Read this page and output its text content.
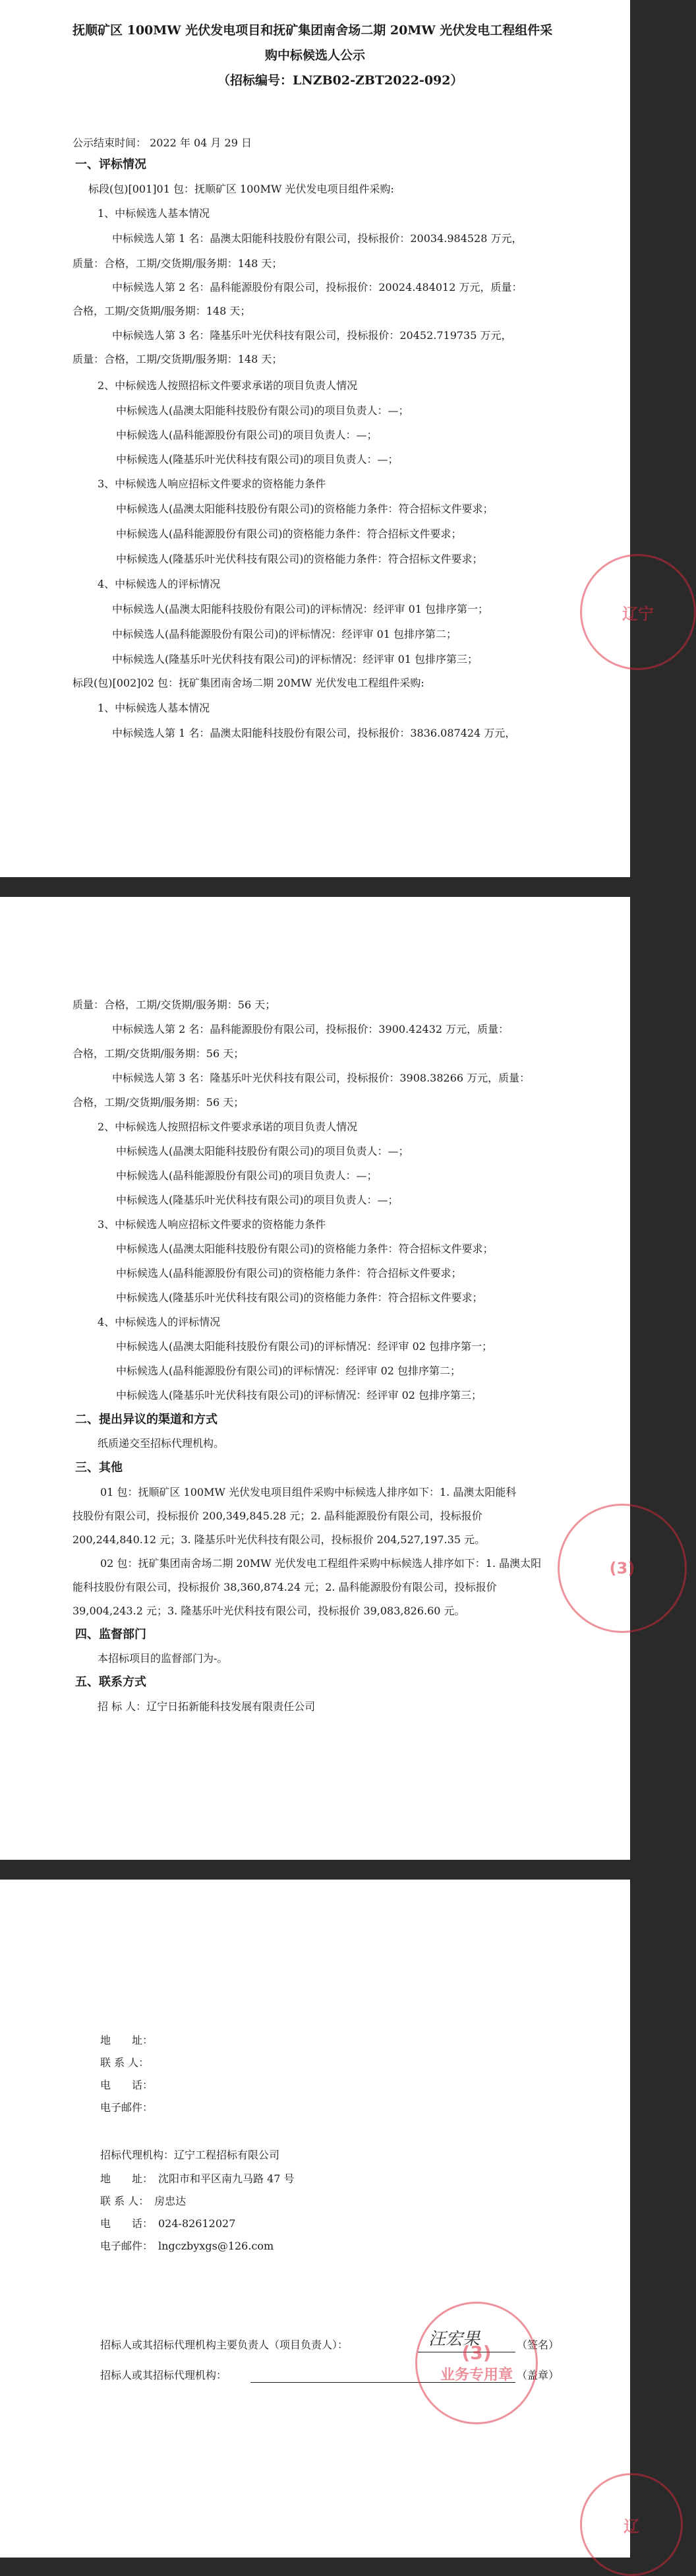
抚顺矿区 100MW 光伏发电项目和抚矿集团南舍场二期 20MW 光伏发电工程组件采
购中标候选人公示
（招标编号：LNZB02-ZBT2022-092）
公示结束时间： 2022 年 04 月 29 日
一、评标情况
标段(包)[001]01 包：抚顺矿区 100MW 光伏发电项目组件采购:
1、中标候选人基本情况
中标候选人第 1 名：晶澳太阳能科技股份有限公司，投标报价：20034.984528 万元，
质量：合格，工期/交货期/服务期：148 天；
中标候选人第 2 名：晶科能源股份有限公司，投标报价：20024.484012 万元，质量：
合格，工期/交货期/服务期：148 天；
中标候选人第 3 名：隆基乐叶光伏科技有限公司，投标报价：20452.719735 万元，
质量：合格，工期/交货期/服务期：148 天；
2、中标候选人按照招标文件要求承诺的项目负责人情况
中标候选人(晶澳太阳能科技股份有限公司)的项目负责人：—；
中标候选人(晶科能源股份有限公司)的项目负责人：—；
中标候选人(隆基乐叶光伏科技有限公司)的项目负责人：—；
3、中标候选人响应招标文件要求的资格能力条件
中标候选人(晶澳太阳能科技股份有限公司)的资格能力条件：符合招标文件要求；
中标候选人(晶科能源股份有限公司)的资格能力条件：符合招标文件要求；
中标候选人(隆基乐叶光伏科技有限公司)的资格能力条件：符合招标文件要求；
4、中标候选人的评标情况
中标候选人(晶澳太阳能科技股份有限公司)的评标情况：经评审 01 包排序第一；
中标候选人(晶科能源股份有限公司)的评标情况：经评审 01 包排序第二；
中标候选人(隆基乐叶光伏科技有限公司)的评标情况：经评审 01 包排序第三；
标段(包)[002]02 包：抚矿集团南舍场二期 20MW 光伏发电工程组件采购:
1、中标候选人基本情况
中标候选人第 1 名：晶澳太阳能科技股份有限公司，投标报价：3836.087424 万元，
辽宁
质量：合格，工期/交货期/服务期：56 天；
中标候选人第 2 名：晶科能源股份有限公司，投标报价：3900.42432 万元，质量：
合格，工期/交货期/服务期：56 天；
中标候选人第 3 名：隆基乐叶光伏科技有限公司，投标报价：3908.38266 万元，质量：
合格，工期/交货期/服务期：56 天；
2、中标候选人按照招标文件要求承诺的项目负责人情况
中标候选人(晶澳太阳能科技股份有限公司)的项目负责人：—；
中标候选人(晶科能源股份有限公司)的项目负责人：—；
中标候选人(隆基乐叶光伏科技有限公司)的项目负责人：—；
3、中标候选人响应招标文件要求的资格能力条件
中标候选人(晶澳太阳能科技股份有限公司)的资格能力条件：符合招标文件要求；
中标候选人(晶科能源股份有限公司)的资格能力条件：符合招标文件要求；
中标候选人(隆基乐叶光伏科技有限公司)的资格能力条件：符合招标文件要求；
4、中标候选人的评标情况
中标候选人(晶澳太阳能科技股份有限公司)的评标情况：经评审 02 包排序第一；
中标候选人(晶科能源股份有限公司)的评标情况：经评审 02 包排序第二；
中标候选人(隆基乐叶光伏科技有限公司)的评标情况：经评审 02 包排序第三；
二、提出异议的渠道和方式
纸质递交至招标代理机构。
三、其他
01 包：抚顺矿区 100MW 光伏发电项目组件采购中标候选人排序如下：1. 晶澳太阳能科
技股份有限公司，投标报价 200,349,845.28 元；2. 晶科能源股份有限公司，投标报价
200,244,840.12 元；3. 隆基乐叶光伏科技有限公司，投标报价 204,527,197.35 元。
02 包：抚矿集团南舍场二期 20MW 光伏发电工程组件采购中标候选人排序如下：1. 晶澳太阳
能科技股份有限公司，投标报价 38,360,874.24 元；2. 晶科能源股份有限公司，投标报价
39,004,243.2 元；3. 隆基乐叶光伏科技有限公司，投标报价 39,083,826.60 元。
四、监督部门
本招标项目的监督部门为-。
五、联系方式
招 标 人：辽宁日拓新能科技发展有限责任公司
(3)
地　　址：
联 系 人：
电　　话：
电子邮件：
招标代理机构：辽宁工程招标有限公司
地　　址：　沈阳市和平区南九马路 47 号
联 系 人：　房忠达
电　　话：　024-82612027
电子邮件：　lngczbyxgs@126.com
招标人或其招标代理机构主要负责人（项目负责人）：	汪宏果	（签名）
招标人或其招标代理机构：	（盖章）
(3)
业务专用章
辽
